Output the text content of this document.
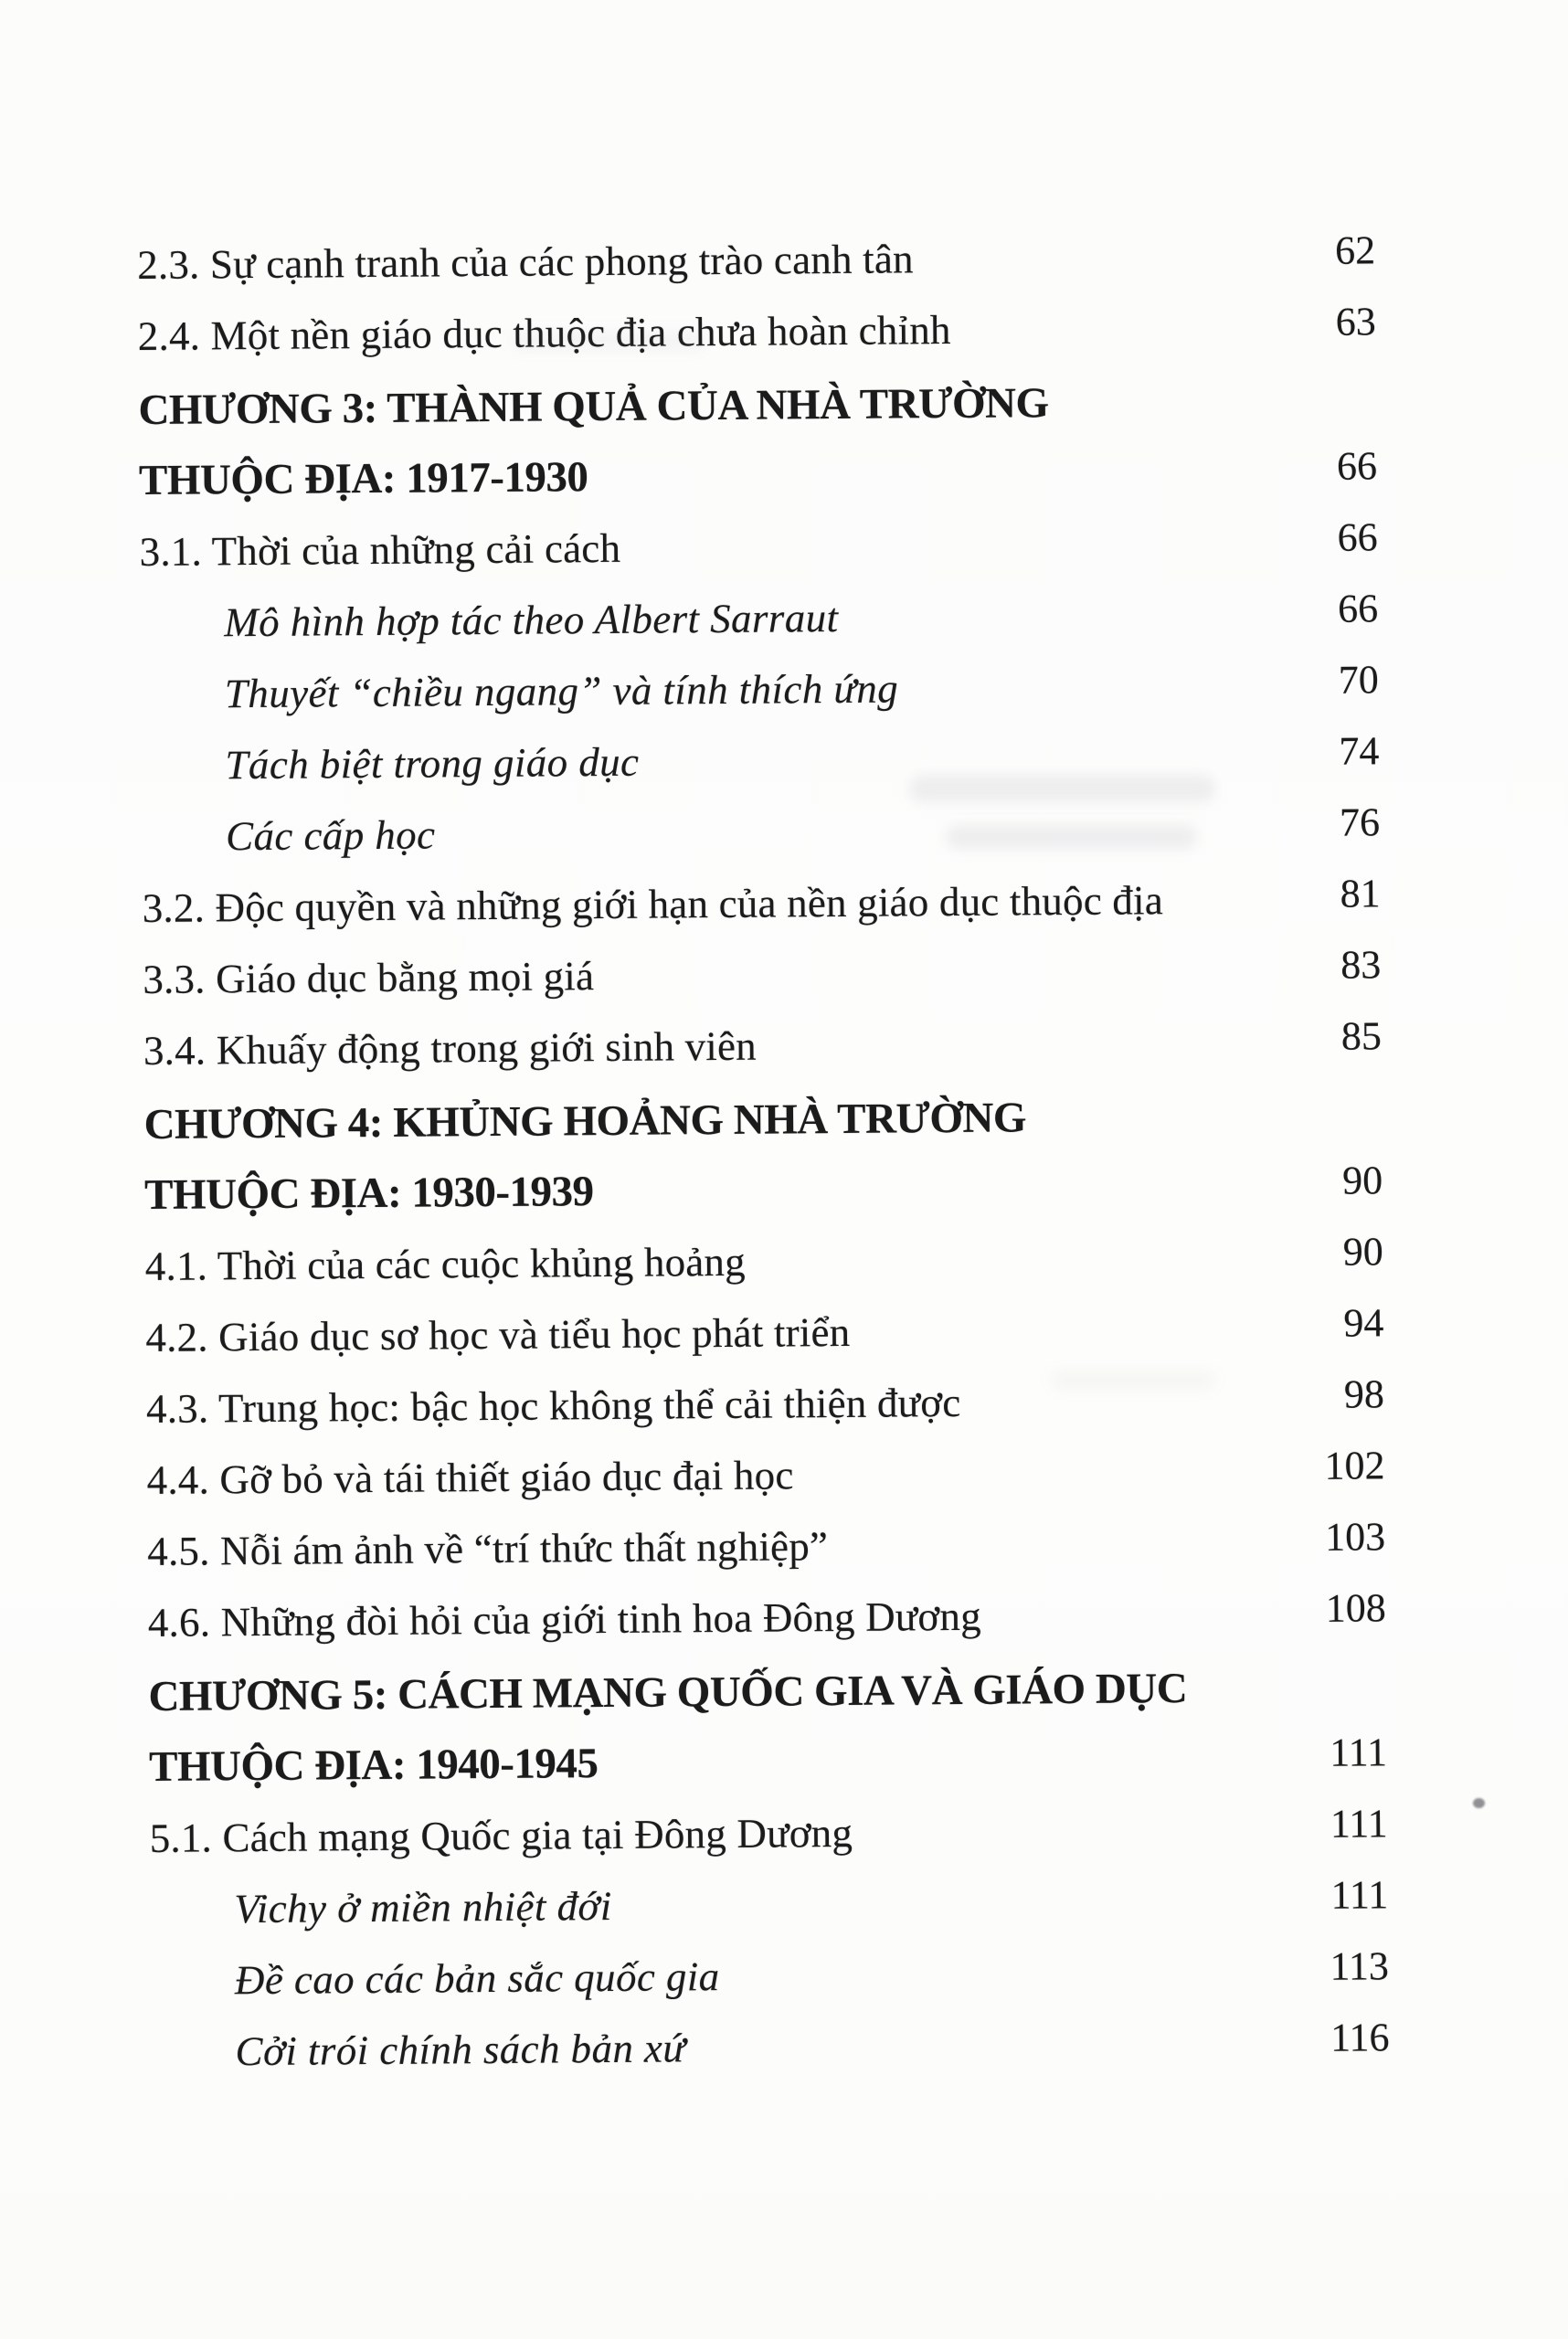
2.3. Sự cạnh tranh của các phong trào canh tân	62
2.4. Một nền giáo dục thuộc địa chưa hoàn chỉnh	63
CHƯƠNG 3: THÀNH QUẢ CỦA NHÀ TRƯỜNG
THUỘC ĐỊA: 1917-1930	66
3.1. Thời của những cải cách	66
Mô hình hợp tác theo Albert Sarraut	66
Thuyết “chiều ngang” và tính thích ứng	70
Tách biệt trong giáo dục	74
Các cấp học	76
3.2. Độc quyền và những giới hạn của nền giáo dục thuộc địa	81
3.3. Giáo dục bằng mọi giá	83
3.4. Khuấy động trong giới sinh viên	85
CHƯƠNG 4: KHỦNG HOẢNG NHÀ TRƯỜNG
THUỘC ĐỊA: 1930-1939	90
4.1. Thời của các cuộc khủng hoảng	90
4.2. Giáo dục sơ học và tiểu học phát triển	94
4.3. Trung học: bậc học không thể cải thiện được	98
4.4. Gỡ bỏ và tái thiết giáo dục đại học	102
4.5. Nỗi ám ảnh về “trí thức thất nghiệp”	103
4.6. Những đòi hỏi của giới tinh hoa Đông Dương	108
CHƯƠNG 5: CÁCH MẠNG QUỐC GIA VÀ GIÁO DỤC
THUỘC ĐỊA: 1940-1945	111
5.1. Cách mạng Quốc gia tại Đông Dương	111
Vichy ở miền nhiệt đới	111
Đề cao các bản sắc quốc gia	113
Cởi trói chính sách bản xứ	116
